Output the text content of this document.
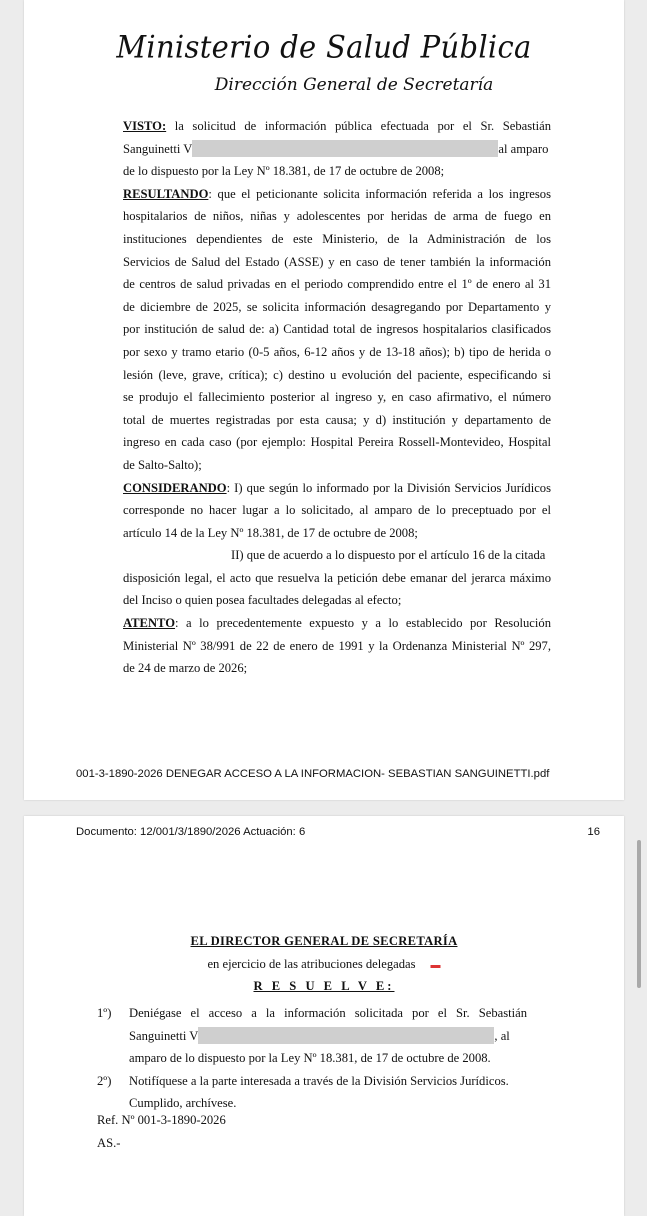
Ministerio de Salud Pública
Dirección General de Secretaría
VISTO: la solicitud de información pública efectuada por el Sr. Sebastián
Sanguinetti V	al amparo
de lo dispuesto por la Ley Nº 18.381, de 17 de octubre de 2008;
RESULTANDO: que el peticionante solicita información referida a los ingresos
hospitalarios de niños, niñas y adolescentes por heridas de arma de fuego en
instituciones dependientes de este Ministerio, de la Administración de los
Servicios de Salud del Estado (ASSE) y en caso de tener también la información
de centros de salud privadas en el periodo comprendido entre el 1º de enero al 31
de diciembre de 2025, se solicita información desagregando por Departamento y
por institución de salud de: a) Cantidad total de ingresos hospitalarios clasificados
por sexo y tramo etario (0-5 años, 6-12 años y de 13-18 años); b) tipo de herida o
lesión (leve, grave, crítica); c) destino u evolución del paciente, especificando si
se produjo el fallecimiento posterior al ingreso y, en caso afirmativo, el número
total de muertes registradas por esta causa; y d) institución y departamento de
ingreso en cada caso (por ejemplo: Hospital Pereira Rossell-Montevideo, Hospital
de Salto-Salto);
CONSIDERANDO: I) que según lo informado por la División Servicios Jurídicos
corresponde no hacer lugar a lo solicitado, al amparo de lo preceptuado por el
artículo 14 de la Ley Nº 18.381, de 17 de octubre de 2008;
II) que de acuerdo a lo dispuesto por el artículo 16 de la citada
disposición legal, el acto que resuelva la petición debe emanar del jerarca máximo
del Inciso o quien posea facultades delegadas al efecto;
ATENTO: a lo precedentemente expuesto y a lo establecido por Resolución
Ministerial Nº 38/991 de 22 de enero de 1991 y la Ordenanza Ministerial Nº 297,
de 24 de marzo de 2026;
001-3-1890-2026 DENEGAR ACCESO A LA INFORMACION- SEBASTIAN SANGUINETTI.pdf
Documento: 12/001/3/1890/2026 Actuación: 6	16
EL DIRECTOR GENERAL DE SECRETARÍA
en ejercicio de las atribuciones delegadas      ▬
R E S U E L V E:
1º) Deniégase el acceso a la información solicitada por el Sr. Sebastián
Sanguinetti V	, al
amparo de lo dispuesto por la Ley Nº 18.381, de 17 de octubre de 2008.
2º) Notifíquese a la parte interesada a través de la División Servicios Jurídicos.
Cumplido, archívese.
Ref. Nº 001-3-1890-2026
AS.-
